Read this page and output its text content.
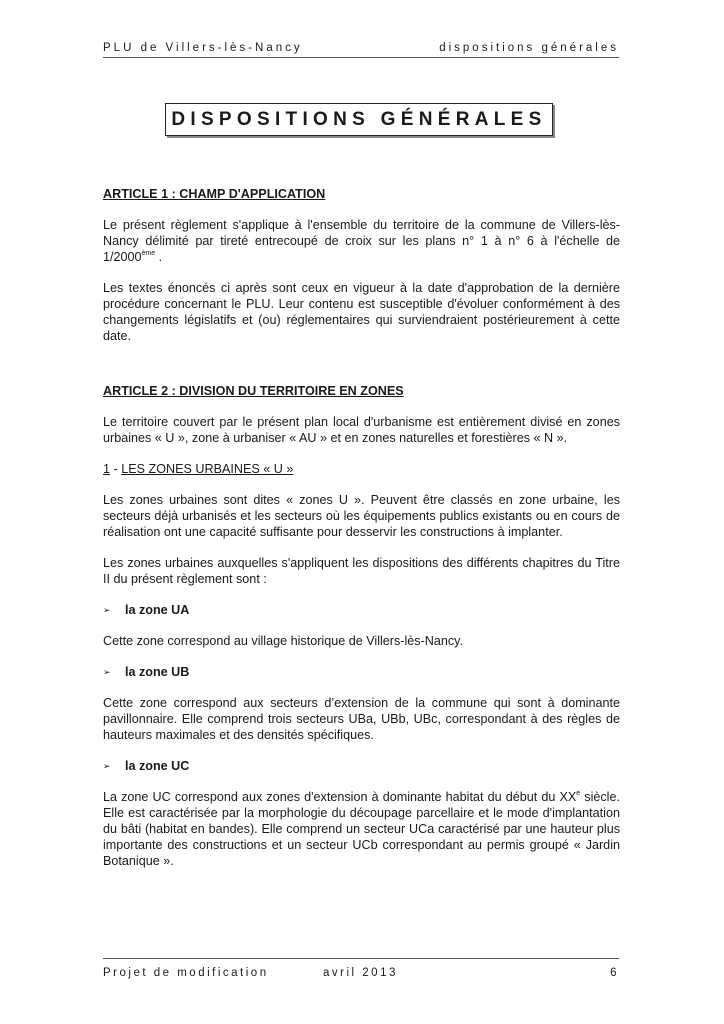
PLU de Villers-lès-Nancy	dispositions générales
DISPOSITIONS GÉNÉRALES

ARTICLE 1 : CHAMP D'APPLICATION

Le présent règlement s'applique à l'ensemble du territoire de la commune de Villers-lès-Nancy délimité par tireté entrecoupé de croix sur les plans n° 1 à n° 6 à l'échelle de 1/2000ème .

Les textes énoncés ci après sont ceux en vigueur à la date d'approbation de la dernière procédure concernant le PLU. Leur contenu est susceptible d'évoluer conformément à des changements législatifs et (ou) réglementaires qui surviendraient postérieurement à cette date.

ARTICLE 2 : DIVISION DU TERRITOIRE EN ZONES

Le territoire couvert par le présent plan local d'urbanisme est entièrement divisé en zones urbaines « U », zone à urbaniser « AU » et en zones naturelles et forestières « N ».

1 - LES ZONES URBAINES « U »

Les zones urbaines sont dites « zones U ». Peuvent être classés en zone urbaine, les secteurs déjà urbanisés et les secteurs où les équipements publics existants ou en cours de réalisation ont une capacité suffisante pour desservir les constructions à implanter.

Les zones urbaines auxquelles s'appliquent les dispositions des différents chapitres du Titre II du présent règlement sont :

➢	la zone UA

Cette zone correspond au village historique de Villers-lès-Nancy.

➢	la zone UB

Cette zone correspond aux secteurs d’extension de la commune qui sont à dominante pavillonnaire. Elle comprend trois secteurs UBa, UBb, UBc, correspondant à des règles de hauteurs maximales et des densités spécifiques.

➢	la zone UC

La zone UC correspond aux zones d'extension à dominante habitat du début du XXe siècle. Elle est caractérisée par la morphologie du découpage parcellaire et le mode d'implantation du bâti (habitat en bandes). Elle comprend un secteur UCa caractérisé par une hauteur plus importante des constructions et un secteur UCb correspondant au permis groupé « Jardin Botanique ».

Projet de modification	avril 2013	6
